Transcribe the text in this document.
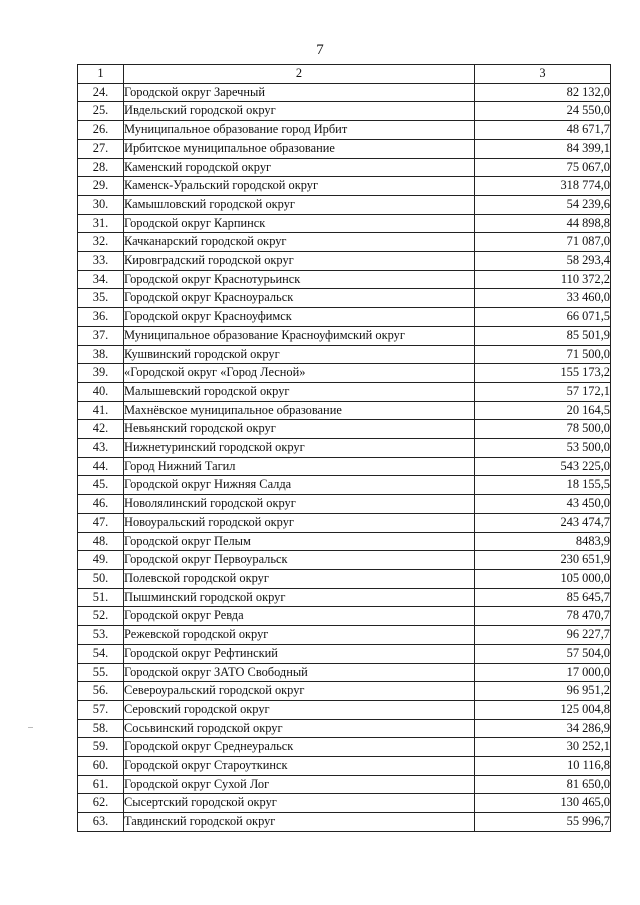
7
1	2	3
24.	Городской округ Заречный	82 132,0
25.	Ивдельский городской округ	24 550,0
26.	Муниципальное образование город Ирбит	48 671,7
27.	Ирбитское муниципальное образование	84 399,1
28.	Каменский городской округ	75 067,0
29.	Каменск-Уральский городской округ	318 774,0
30.	Камышловский городской округ	54 239,6
31.	Городской округ Карпинск	44 898,8
32.	Качканарский городской округ	71 087,0
33.	Кировградский городской округ	58 293,4
34.	Городской округ Краснотурьинск	110 372,2
35.	Городской округ Красноуральск	33 460,0
36.	Городской округ Красноуфимск	66 071,5
37.	Муниципальное образование Красноуфимский округ	85 501,9
38.	Кушвинский городской округ	71 500,0
39.	«Городской округ «Город Лесной»	155 173,2
40.	Малышевский городской округ	57 172,1
41.	Махнёвское муниципальное образование	20 164,5
42.	Невьянский городской округ	78 500,0
43.	Нижнетуринский городской округ	53 500,0
44.	Город Нижний Тагил	543 225,0
45.	Городской округ Нижняя Салда	18 155,5
46.	Новолялинский городской округ	43 450,0
47.	Новоуральский городской округ	243 474,7
48.	Городской округ Пелым	8483,9
49.	Городской округ Первоуральск	230 651,9
50.	Полевской городской округ	105 000,0
51.	Пышминский городской округ	85 645,7
52.	Городской округ Ревда	78 470,7
53.	Режевской городской округ	96 227,7
54.	Городской округ Рефтинский	57 504,0
55.	Городской округ ЗАТО Свободный	17 000,0
56.	Североуральский городской округ	96 951,2
57.	Серовский городской округ	125 004,8
58.	Сосьвинский городской округ	34 286,9
59.	Городской округ Среднеуральск	30 252,1
60.	Городской округ Староуткинск	10 116,8
61.	Городской округ Сухой Лог	81 650,0
62.	Сысертский городской округ	130 465,0
63.	Тавдинский городской округ	55 996,7
